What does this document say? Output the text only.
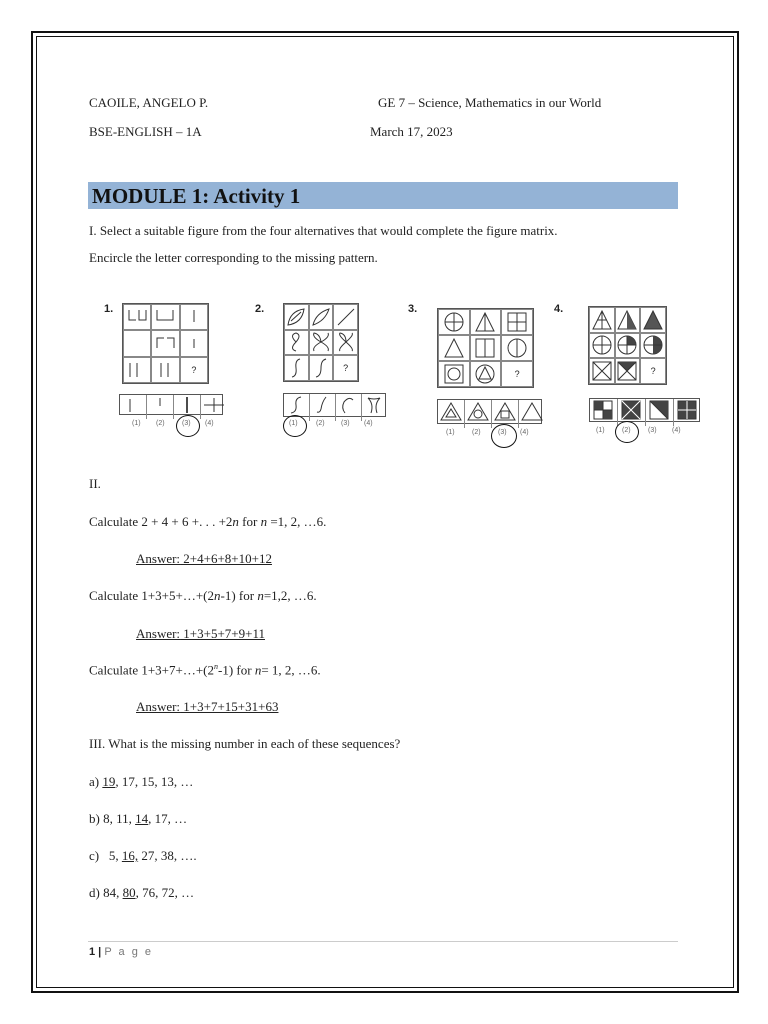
CAOILE, ANGELO P.	GE 7 – Science, Mathematics in our World
BSE-ENGLISH – 1A	March 17, 2023
MODULE 1: Activity 1
I. Select a suitable figure from the four alternatives that would complete the figure matrix.
Encircle the letter corresponding to the missing pattern.
1.
?
(1) (2) (3) (4)
2.
?
(1)	(2) (3) (4)
3.
?
(1) (2) (3) (4)
4.
?
(1) (2) (3) (4)
II.
Calculate 2 + 4 + 6 +. . . +2n for n =1, 2, …6.
Answer: 2+4+6+8+10+12
Calculate 1+3+5+…+(2n-1) for n=1,2, …6.
Answer: 1+3+5+7+9+11
Calculate $1+3+7+\dots+(2^n-1)$ for n= 1, 2, …6.
Answer: 1+3+7+15+31+63
III. What is the missing number in each of these sequences?
a) 19, 17, 15, 13, …
b) 8, 11, 14, 17, …
c)   5, 16, 27, 38, ….
d) 84, 80, 76, 72, …
1 | P a g e
